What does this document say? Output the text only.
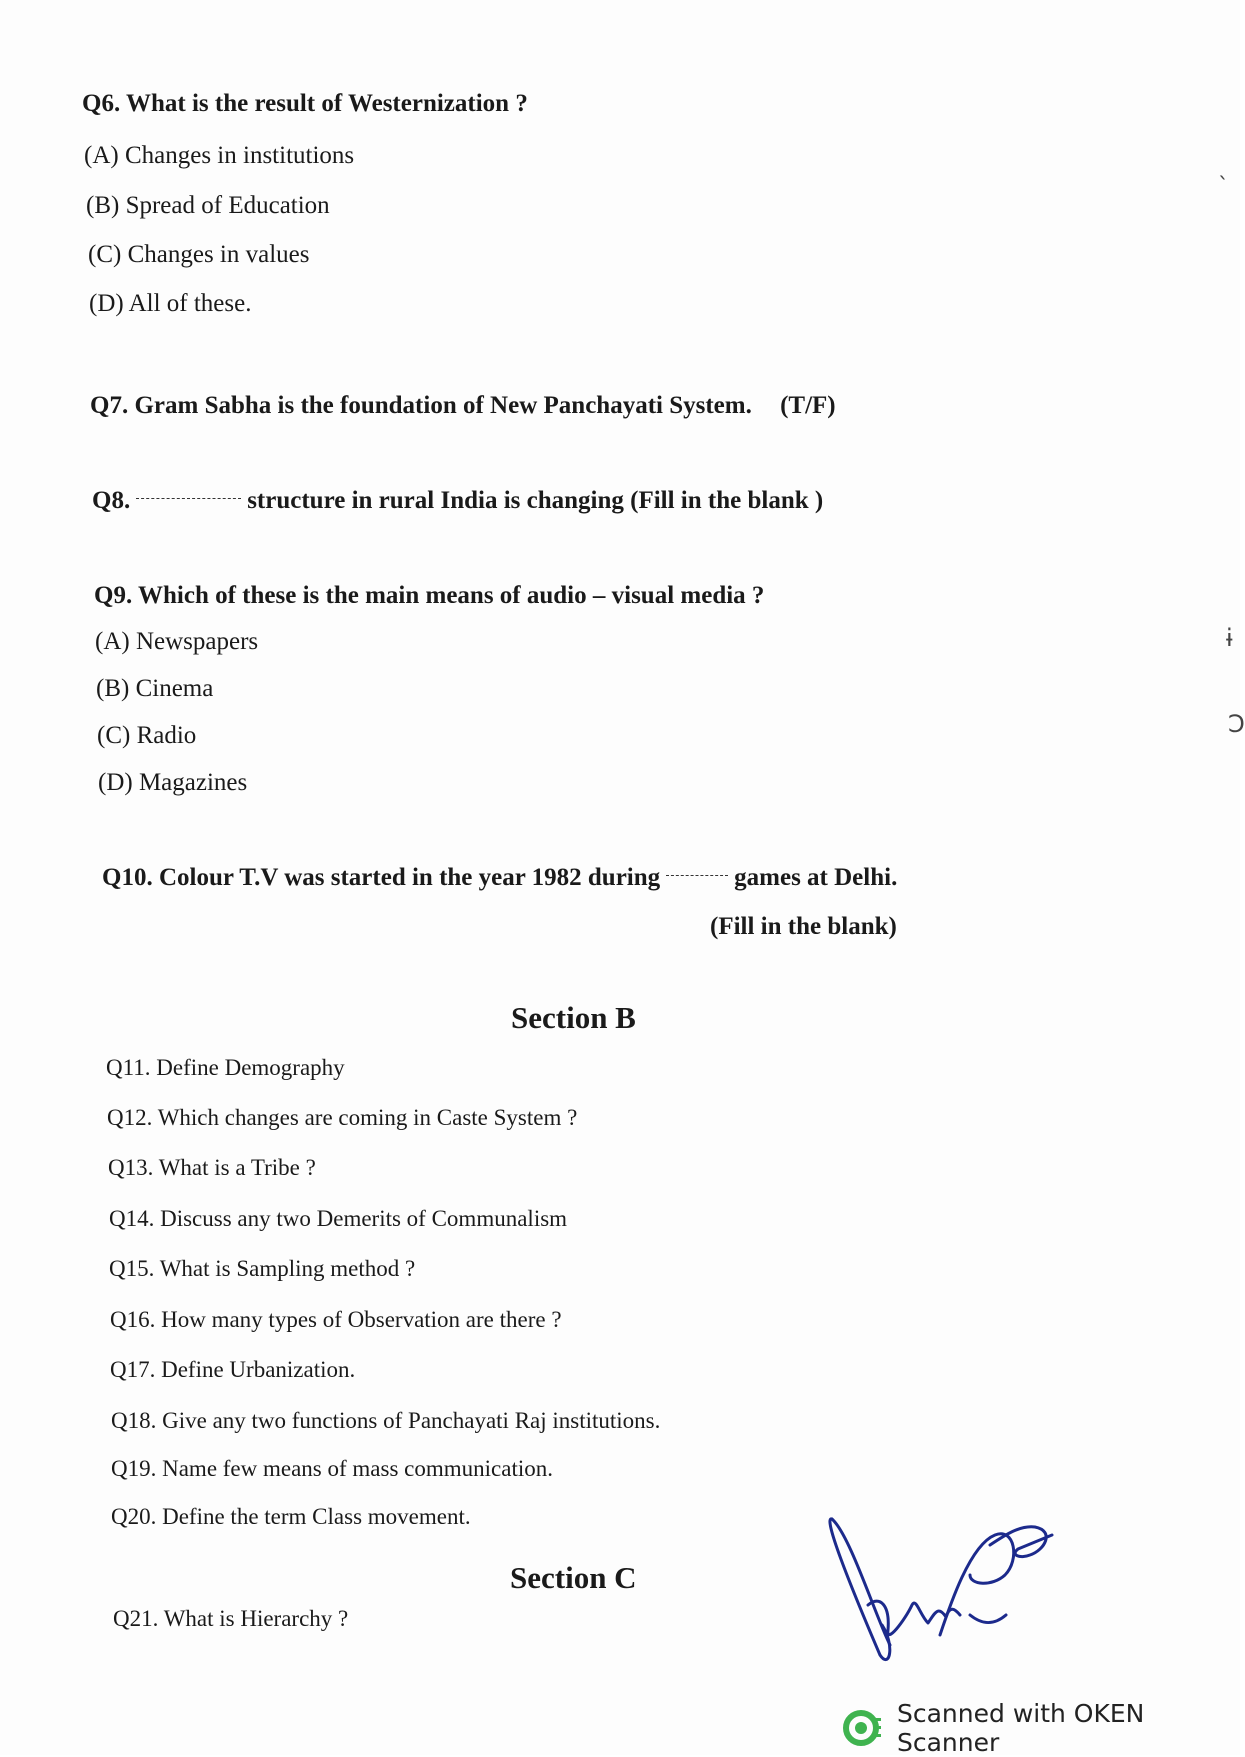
Q6. What is the result of Westernization ?
(A) Changes in institutions
(B) Spread of Education
(C) Changes in values
(D) All of these.
Q7. Gram Sabha is the foundation of New Panchayati System. (T/F)
Q8.	structure in rural India is changing (Fill in the blank )
Q9. Which of these is the main means of audio – visual media ?
(A) Newspapers
(B) Cinema
(C) Radio
(D) Magazines
Q10. Colour T.V was started in the year 1982 during	games at Delhi.
(Fill in the blank)
Section B
Q11. Define Demography
Q12. Which changes are coming in Caste System ?
Q13. What is a Tribe ?
Q14. Discuss any two Demerits of Communalism
Q15. What is Sampling method ?
Q16. How many types of Observation are there ?
Q17. Define Urbanization.
Q18. Give any two functions of Panchayati Raj institutions.
Q19. Name few means of mass communication.
Q20. Define the term Class movement.
Section C
Q21. What is Hierarchy ?
ˎ
ɨ
Ɔ
Scanned with OKEN Scanner
